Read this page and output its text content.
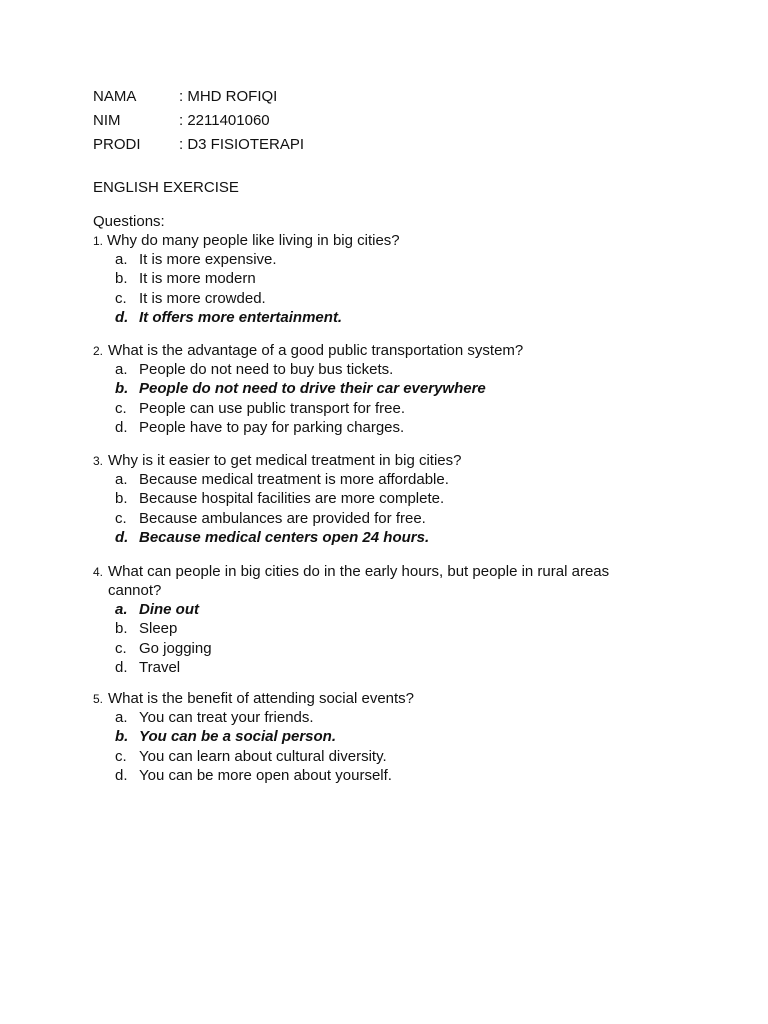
NAMA	: MHD ROFIQI
NIM	: 2211401060
PRODI	: D3 FISIOTERAPI
ENGLISH EXERCISE
Questions:
1. Why do many people like living in big cities?
a. It is more expensive.
b. It is more modern
c. It is more crowded.
d. It offers more entertainment.
2. What is the advantage of a good public transportation system?
a. People do not need to buy bus tickets.
b. People do not need to drive their car everywhere
c. People can use public transport for free.
d. People have to pay for parking charges.
3. Why is it easier to get medical treatment in big cities?
a. Because medical treatment is more affordable.
b. Because hospital facilities are more complete.
c. Because ambulances are provided for free.
d. Because medical centers open 24 hours.
4. What can people in big cities do in the early hours, but people in rural areas cannot?
a. Dine out
b. Sleep
c. Go jogging
d. Travel
5. What is the benefit of attending social events?
a. You can treat your friends.
b. You can be a social person.
c. You can learn about cultural diversity.
d. You can be more open about yourself.
